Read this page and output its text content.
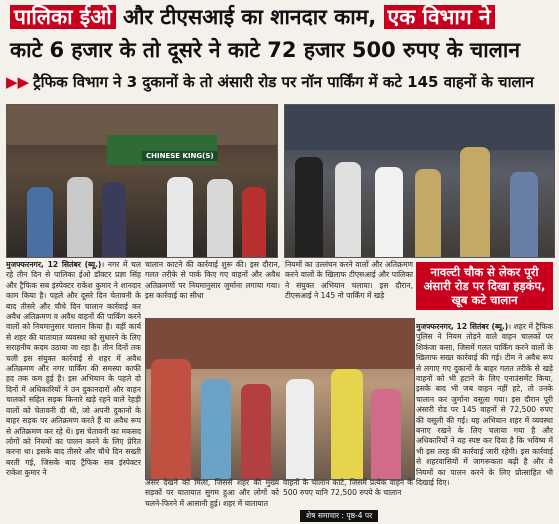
पालिका ईओ और टीएसआई का शानदार काम, एक विभाग ने
काटे 6 हजार के तो दूसरे ने काटे 72 हजार 500 रुपए के चालान
▶▶ ट्रैफिक विभाग ने 3 दुकानों के तो अंसारी रोड पर नॉन पार्किंग में कटे 145 वाहनों के चालान
CHINESE KING(S)
मुजफ्फरनगर, 12 सितंबर (ब्यू.)। नगर में चल रहे तीन दिन से पालिका ईओ डॉक्टर प्रज्ञा सिंह और ट्रैफिक सब इंस्पेक्टर राकेश कुमार ने शानदार काम किया है। पहले और दूसरे दिन चेतावनी के बाद तीसरे और चौथे दिन चालान कार्रवाई कर अवैध अतिक्रमण व अवैध वाहनों की पार्किंग करने वालों को नियमानुसार चालान किया है। वहीं कार्य से शहर की यातायात व्यवस्था को सुधारने के लिए सराहनीय कदम उठाया जा रहा है। तीन दिनों तक चली इस संयुक्त कार्रवाई से शहर में अवैध अतिक्रमण और नगर पार्किंग की समस्या काफी हद तक कम हुई है। इस अभियान के पहले दो दिनों में अधिकारियों ने उन दुकानदारों और वाहन चालकों सहित सड़क किनारे खड़े रहने वाले रेहड़ी वालों को चेतावनी दी थी, जो अपनी दुकानों के बाहर सड़क पर अतिक्रमण करते हैं या अवैध रूप से अतिक्रमण कर रहे थे। इस चेतावनी का मकसद लोगों को नियमों का पालन करने के लिए प्रेरित करना था। इसके बाद तीसरे और चौथे दिन सख्ती बरती गई, जिसके बाद ट्रैफिक सब इंस्पेक्टर राकेश कुमार ने
चालान काटने की कार्रवाई शुरू की। इस दौरान, गलत तरीके से पार्क किए गए वाहनों और अवैध अतिक्रमणों पर नियमानुसार जुर्माना लगाया गया। इस कार्रवाई का सीधा
नियमों का उल्लंघन करने वालों और अतिक्रमण करने वालों के खिलाफ टीएसआई और पालिका ने संयुक्त अभियान चलाया। इस दौरान, टीएसआई ने 145 नो पार्किंग में खड़े
असर देखने को मिला, जिससे शहर की मुख्य सड़कों पर यातायात सुगम हुआ और लोगों को चलने-फिरने में आसानी हुई। शहर में यातायात
वाहनों के चालान काटे, जिसमें प्रत्येक वाहन के 500 रुपए यानि 72,500 रुपये के चालान
नावल्टी चौक से लेकर पूरी अंसारी रोड पर दिखा हड़कंप, खूब कटे चालान
मुजफ्फरनगर, 12 सितंबर (ब्यू.)। शहर में ट्रैफिक पुलिस ने नियम तोड़ने वाले वाहन चालकों पर शिकंजा कसा, जिसमें गलत पार्किंग करने वालों के खिलाफ सख्त कार्रवाई की गई। टीम ने अवैध रूप से लगाए गए दुकानों के बाहर गलत तरीके से खड़े वाहनों को भी हटाने के लिए एनाउंसमेंट किया, इसके बाद भी जब वाहन नहीं हटे, तो उनके चालान कर जुर्माना वसूला गया। इस दौरान पूरी अंसारी रोड पर 145 वाहनों से 72,500 रुपए की वसूली की गई। यह अभियान शहर में व्यवस्था बनाए रखने के लिए चलाया गया है और अधिकारियों ने यह स्पष्ट कर दिया है कि भविष्य में भी इस तरह की कार्रवाई जारी रहेगी। इस कार्रवाई से शहरवासियों में जागरूकता बढ़ी है और वे नियमों का पालन करने के लिए प्रोत्साहित भी दिखाई दिए।
शेष समाचार : पृष्ठ-4 पर
